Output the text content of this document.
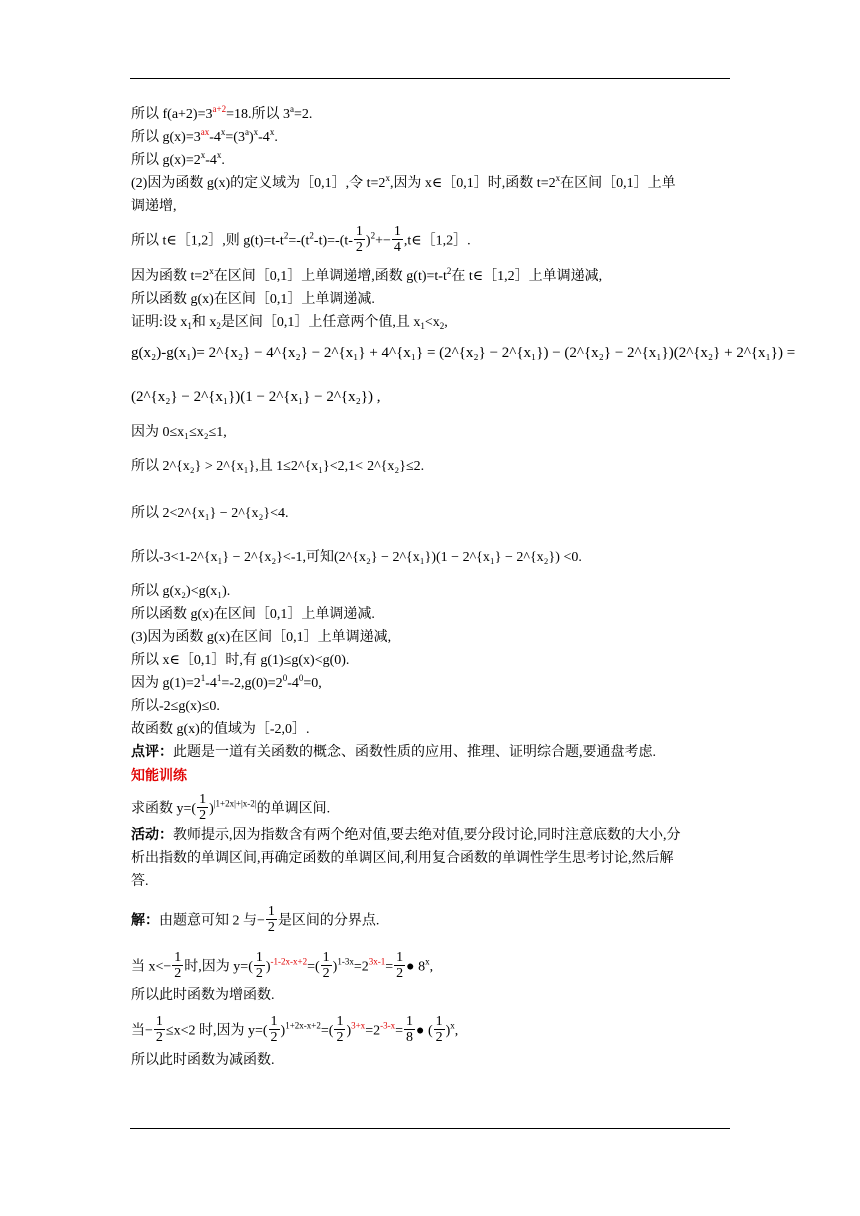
所以 $f(a+2)=3^{a+2}=18$.所以 $3^a=2$.
所以 $g(x)=3^{ax}-4^x=(3^a)^x-4^x$.
所以 $g(x)=2^x-4^x$.
(2)因为函数 g(x)的定义域为［0,1］,令 $t=2^x$,因为 x∈［0,1］时,函数 $t=2^x$在区间［0,1］上单
调递增,
所以 t∈［1,2］,则 $g(t)=t-t^2=-(t^2-t)=-(t- \frac{1}{2} )^2+- \frac{1}{4}$ ,t∈［1,2］.
因为函数 $t=2^x$在区间［0,1］上单调递增,函数 $g(t)=t-t^2$在 t∈［1,2］上单调递减,
所以函数 g(x)在区间［0,1］上单调递减.
证明:设 $x_1$和 $x_2$是区间［0,1］上任意两个值,且 $x_1<x_2$,
g(x₂)-g(x₁)= 2^{x₂} − 4^{x₂} − 2^{x₁} + 4^{x₁} = (2^{x₂} − 2^{x₁}) − (2^{x₂} − 2^{x₁})(2^{x₂} + 2^{x₁}) =
(2^{x₂} − 2^{x₁})(1 − 2^{x₁} − 2^{x₂}) ,
因为 0≤x₁≤x₂≤1,
所以 2^{x₂} > 2^{x₁},且 1≤2^{x₁}<2,1< 2^{x₂}≤2.
所以 2<2^{x₁} − 2^{x₂}<4.
所以-3<1-2^{x₁} − 2^{x₂}<-1,可知(2^{x₂} − 2^{x₁})(1 − 2^{x₁} − 2^{x₂}) <0.
所以 g(x₂)<g(x₁).
所以函数 g(x)在区间［0,1］上单调递减.
(3)因为函数 g(x)在区间［0,1］上单调递减,
所以 x∈［0,1］时,有 g(1)≤g(x)<g(0).
因为 $g(1)=2^1-4^1=-2,g(0)=2^0-4^0=0$,
所以-2≤g(x)≤0.
故函数 g(x)的值域为［-2,0］.
点评：此题是一道有关函数的概念、函数性质的应用、推理、证明综合题,要通盘考虑.
知能训练
求函数 $y=( \frac{1}{2} )^{|1+2x|+|x-2|}$的单调区间.
活动：教师提示,因为指数含有两个绝对值,要去绝对值,要分段讨论,同时注意底数的大小,分
析出指数的单调区间,再确定函数的单调区间,利用复合函数的单调性学生思考讨论,然后解
答.
解：由题意可知 2 与− $\frac{1}{2}$ 是区间的分界点.
当 $x<- \frac{1}{2}$ 时,因为 $y=( \frac{1}{2} )^{-1-2x-x+2}=( \frac{1}{2} )^{1-3x}=2^{3x-1}= \frac{1}{2}$ ● 8$^x$,
所以此时函数为增函数.
当− $\frac{1}{2} \le x<2$ 时,因为 $y=( \frac{1}{2} )^{1+2x-x+2}=( \frac{1}{2} )^{3+x}=2^{-3-x}= \frac{1}{8}$ ● ( $\frac{1}{2} )^x$,
所以此时函数为减函数.
